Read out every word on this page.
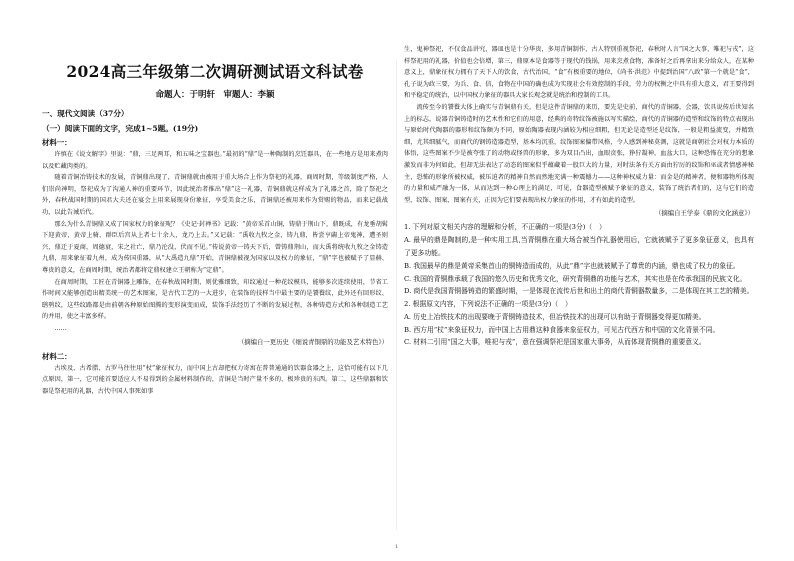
2024高三年级第二次调研测试语文科试卷
命题人：于明轩　审题人：李颖
一、现代文阅读（37分）
（一）阅读下面的文字，完成1~5题。(19分)
材料一：

许慎在《说文解字》里说：“鼎，三足两耳，和五味之宝器也。”最初的“鼎”是一种陶制的烹饪器具，在一些地方是用来煮肉以及贮藏肉类的。

随着青铜冶铸技术的发展，青铜鼎出现了，青铜鼎就由被用于重大场合上作为祭祀的礼器，商周时期，等级制度严格，人们崇尚神明，祭祀成为了沟通人神的重要环节，因此统治者推出“鼎”这一礼器，青铜鼎就这样成为了礼器之首，除了祭祀之外，春秋战国时期的国君大夫还在宴会上用来展现身份象征，享受美食之乐，青铜鼎还被用来作为赏赐的物品，而来记载战功，以此告诫后代。

那么为什么青铜鼎又成了国家权力的象征呢？《史记·封禅书》记载：“黄帝采首山铜，铸鼎于荆山下，鼎既成，有龙垂胡髯下迎黄帝，黄帝上骑，群臣后宫从上者七十余人，龙乃上去。”又记载：“禹收九牧之金，铸九鼎，皆尝亨鬺上帝鬼神，遭圣则兴，鼎迁于夏商，周德衰，宋之社亡，鼎乃沦没，伏而不见。”传说黄帝一铸天下后，曾铸鼎荆山，而大禹将统收九牧之金铸造九鼎，用来象征着九州，成为传国重器，从“大禹造九鼎”开始，青铜鼎被视为国家以及权力的象征，“鼎”字也被赋予了显赫、尊贵的意义，在商周时期，统治者都将定鼎权建立王朝称为“定鼎”。

在商周时期，工匠在青铜器上雕饰，在春秋战国时期，则优雅细致，印纹通过一种花纹模具，能够多次连续使用，节省工作时间又能够创造出精美统一的艺术图案，是古代工艺的一大进步，在装饰的技样当中最主要的是饕餮纹，此外还有回形纹、鸱鸮纹，这些纹路都是由前朝各种原始图腾的变形演变而成，装饰手法经历了不断的发展过程，各种铸造方式和各种制造工艺的并用，使之丰富多样。

……

（摘编自一更历史《细说青铜鼎的功能及艺术特色》）
材料二：

古埃及、古希腊、古罗马往往用“杖”象征权力，而中国上古却把权力寄寓在普普通通的饮器食器之上，这恰可能有以下几点原因，第一，它可能首要适应人不易得到的金属材料制作的，青铜是当时产量不多的、极珍贵的东西。第二，这些鼎器和饮器是祭祀用的礼器，古代中国人事死如事

生，鬼神祭祀，不仅食品讲究，器皿也是十分华贵，多用青铜制作，古人特别重视祭祀，春秋时人言“国之大事，唯祀与戎”，这样祭祀用的礼器，价值也会倍增，第三，鼎原本是食器等于现代的钱锅，用来烹煮食物，准备好之后再拿出来分给众人，在某种意义上，鼎象征权力拥有了天下人的饮食，古代治国，“食”有极重要的地位，《尚书·洪范》中提到治国“八政”第一个就是“食”，孔子说为政三要，为兵、食、信，食物在中国的确也成为实现社会有效控制的手段，劳力的权衡之中具有重大意义，君王要得到和平稳定的统治，以中国权力象征的器具大家长观念就是统治和控制的工具。

流传至今的饕餮大体上确实与青铜鼎有关，但是这件青铜鼎的来历，要先是史前，商代的青铜器，会器，饮具说传后世知名上的标志，说器青铜铸造时的艺术性和它们的用意，经典的奇特纹饰被施以写实描绘，商代的青铜器的造型和纹饰的特点表现出与原始时代陶器的器形和纹饰颇为不同，原始陶器表现内涵较为相应细粗，但无论是造型还是纹饰，一般是粗益流变，并精致细，尤其细腻气，而商代的钢铸造器造型，基本均沉重，纹饰图案偏带风格，令人感到神秘莫测，这就是商朝社会对权力本质的体悟，这些图案不少是被夸张了的动物或怪兽的形象，多为双目凸出，血眼贲张，狰狞凝神，血盆大口，这种恐怖在充分的想象激发而非为何如此，但却无法表达了动态的图案似乎蕴藏着一股巨大的力量，对时法条有关方面由狞厉的纹饰和巫或者情感神秘主，恐怖的形象所被权威，被压迫者的精神自然而然地充满一种震撼力——这种神权威力量：而金是的精神者，便和器物所体现的力量和威严融为一体，从而达到一种心理上的满足，可见，食器造型被赋予象征的意义，装饰了统治者们的，这与它们的造型，纹饰、图案、图案有关，正因为它们要表现出权力象征的作用，才有如此的造型。

（摘编自王学泰《鼎的文化涵意》）

1. 下列对原文相关内容的理解和分析，不正确的一项是(3分)（　）

A. 最早的鼎是陶制的,是一种实用工具,当青铜鼎在重大场合被当作礼器使用后，它就被赋予了更多象征意义，也具有了更多功能。

B. 我国最早的鼎是黄帝采集首山的铜铸造而成的，从此“鼎”字也就被赋予了尊贵的内涵，鼎也成了权力的象征。

C. 我国的青铜鼎承载了我国的悠久历史和优秀文化，研究青铜鼎的功能与艺术，其实也是在传承我国的民族文化。

D. 商代是我国青铜器铸造的繁盛时期，一是体现在流传后世和出土的商代青铜器数量多，二是体现在其工艺的精美。

2. 根据原文内容，下列说法不正确的一项是(3分)（　）

A. 历史上冶铁技术的出现要晚于青铜铸造技术，但冶铁技术的出现可以有助于青铜器变得更加精美。

B. 西方用“杖”来象征权力，而中国上古用鼎这种食器来象征权力，可见古代西方和中国的文化背景不同。

C. 材料二引用“国之大事，唯祀与戎”，意在强调祭祀是国家重大事务，从而体现青铜鼎的重要意义。

1
